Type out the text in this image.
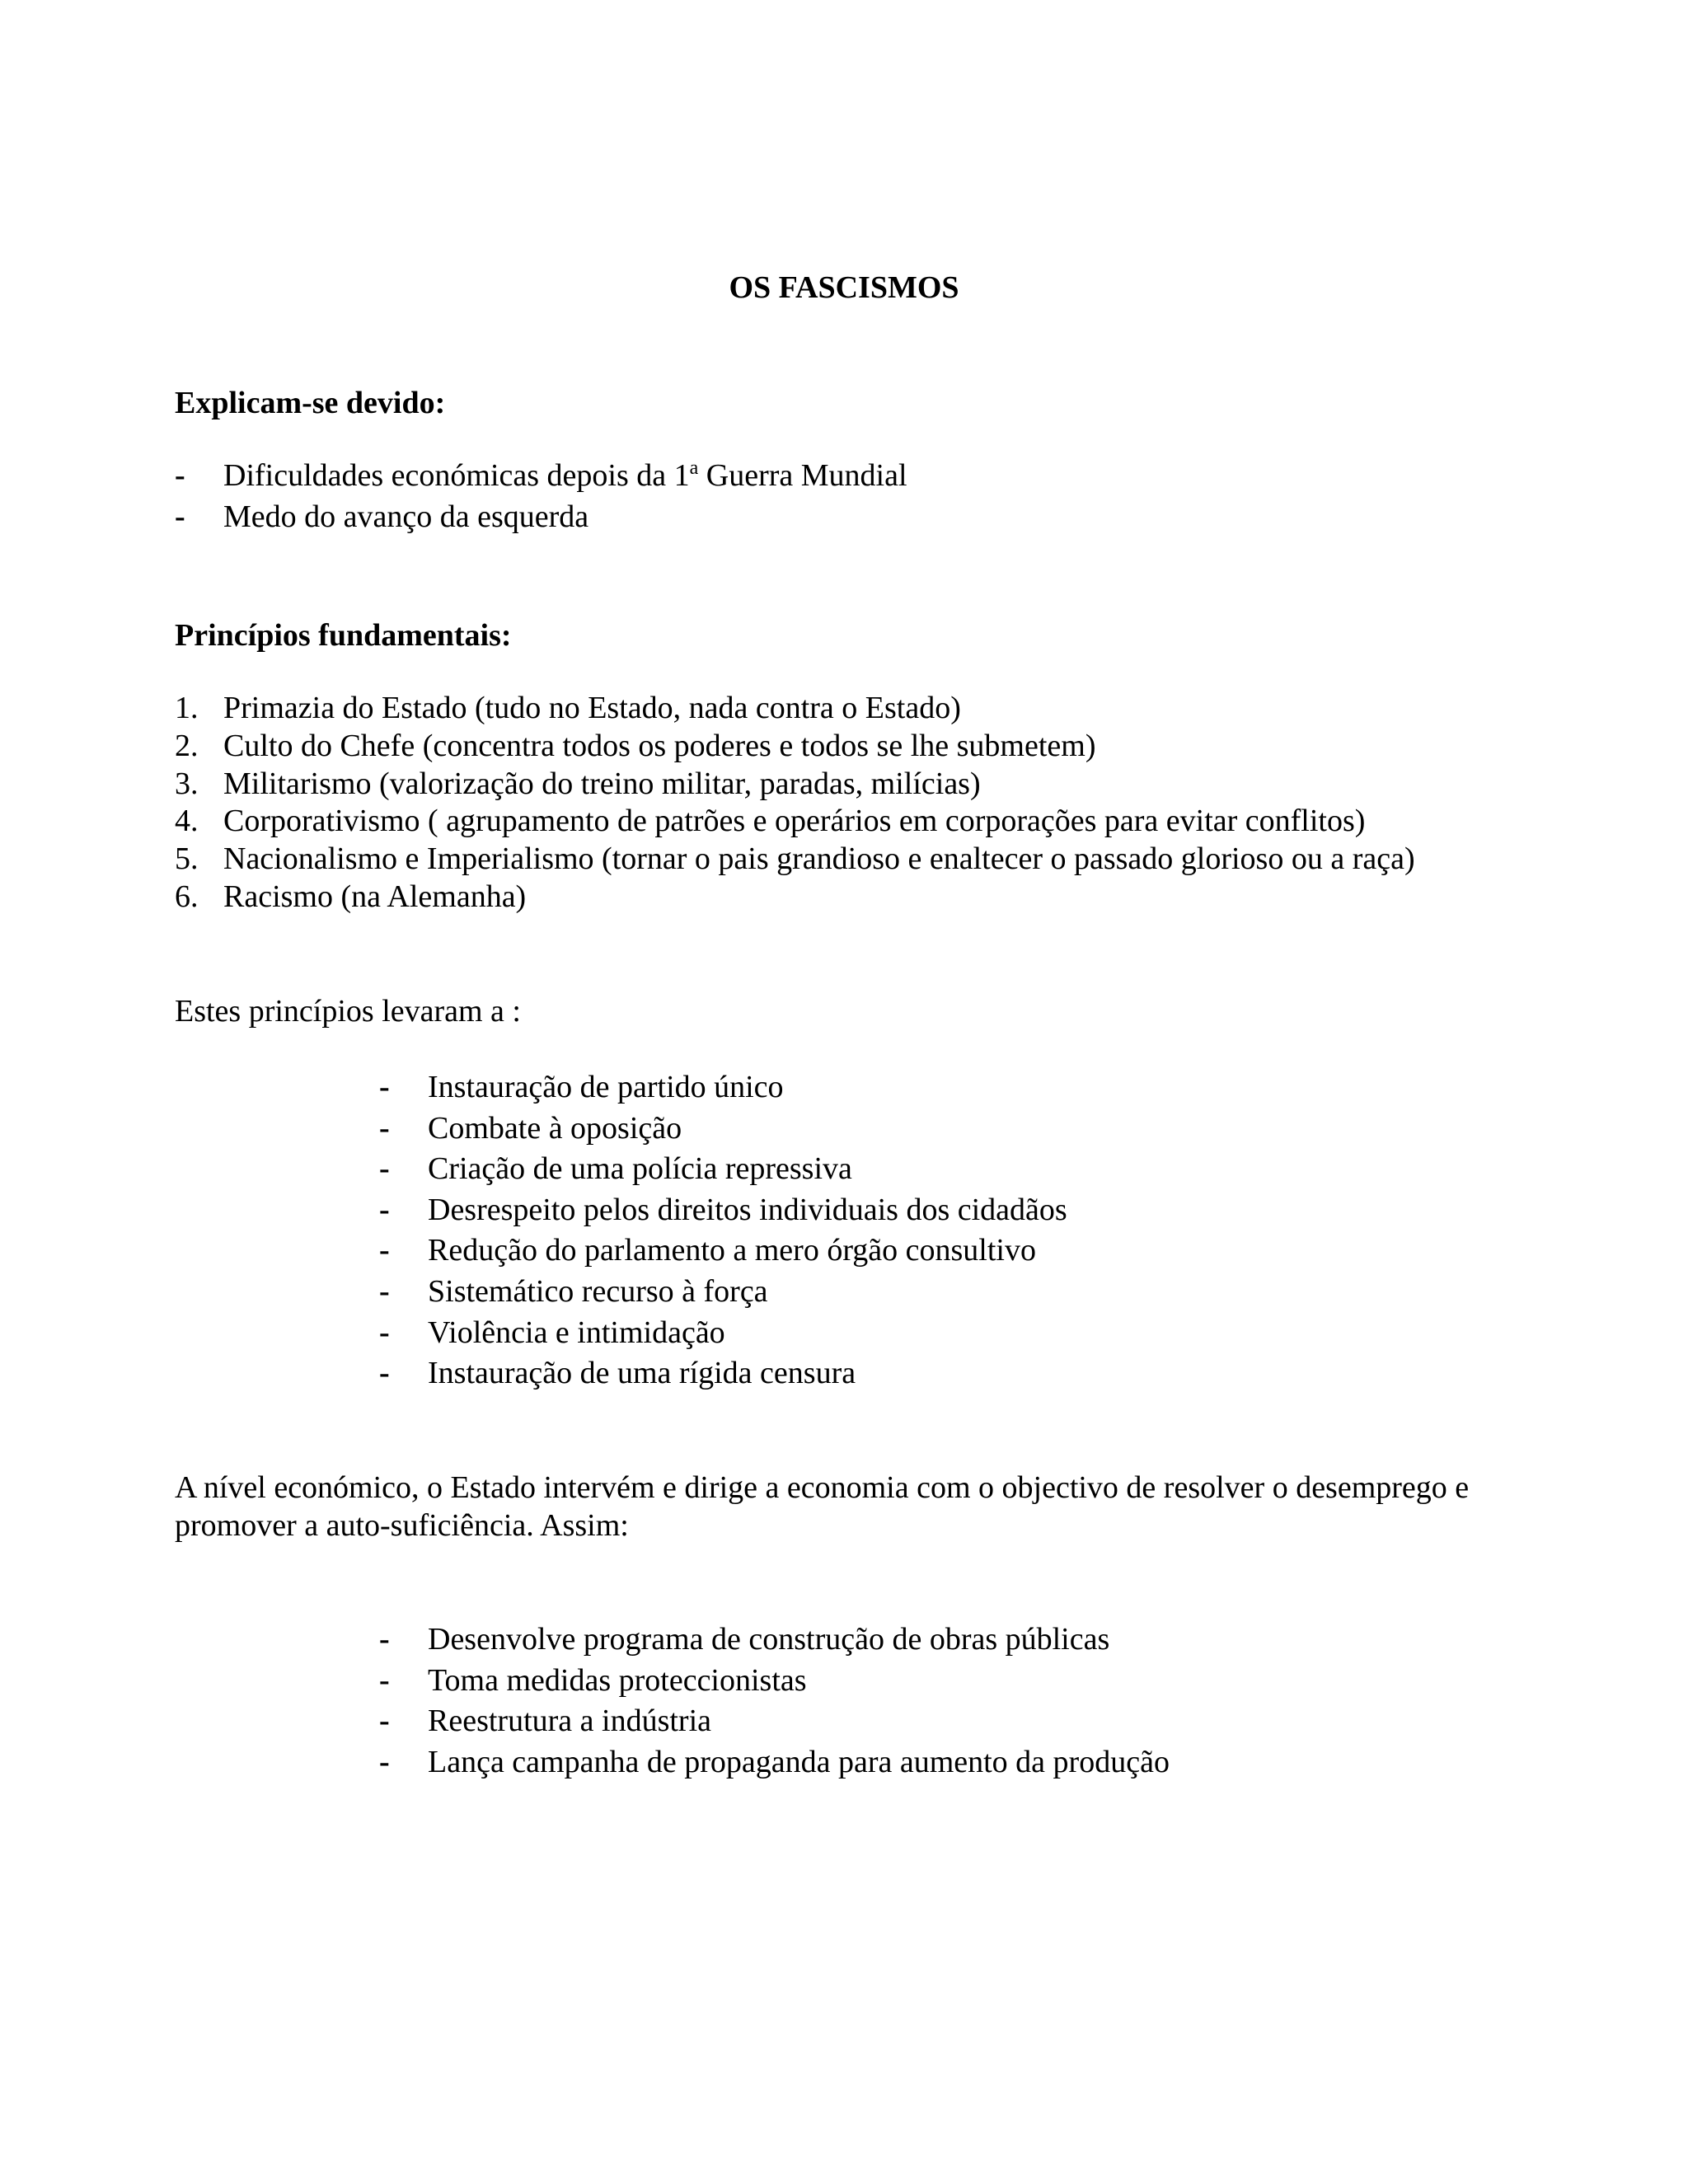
OS FASCISMOS
Explicam-se devido:
- Dificuldades económicas depois da 1$^a$ Guerra Mundial
- Medo do avanço da esquerda
Princípios fundamentais:
1. Primazia do Estado (tudo no Estado, nada contra o Estado)
2. Culto do Chefe (concentra todos os poderes e todos se lhe submetem)
3. Militarismo (valorização do treino militar, paradas, milícias)
4. Corporativismo ( agrupamento de patrões e operários em corporações para evitar conflitos)
5. Nacionalismo e Imperialismo (tornar o pais grandioso e enaltecer o passado glorioso ou a raça)
6. Racismo (na Alemanha)
Estes princípios levaram a :
- Instauração de partido único
- Combate à oposição
- Criação de uma polícia repressiva
- Desrespeito pelos direitos individuais dos cidadãos
- Redução do parlamento a mero órgão consultivo
- Sistemático recurso à força
- Violência e intimidação
- Instauração de uma rígida censura
A nível económico, o Estado intervém e dirige a economia com o objectivo de resolver o desemprego e promover a auto-suficiência. Assim:
- Desenvolve programa de construção de obras públicas
- Toma medidas proteccionistas
- Reestrutura a indústria
- Lança campanha de propaganda para aumento da produção
